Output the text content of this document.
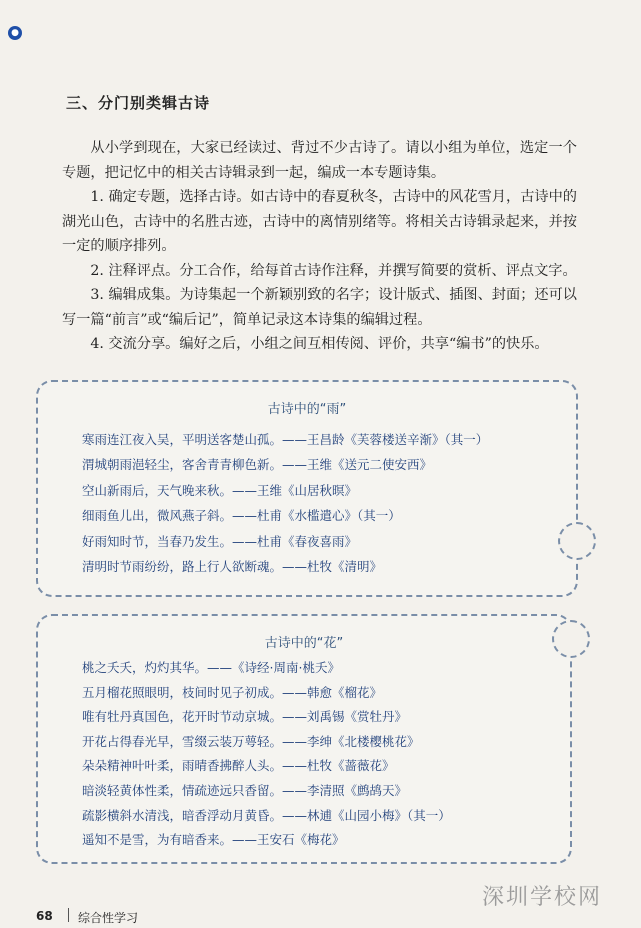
●
三、分门别类辑古诗

从小学到现在，大家已经读过、背过不少古诗了。请以小组为单位，选定一个专题，把记忆中的相关古诗辑录到一起，编成一本专题诗集。

1. 确定专题，选择古诗。如古诗中的春夏秋冬，古诗中的风花雪月，古诗中的湖光山色，古诗中的名胜古迹，古诗中的离情别绪等。将相关古诗辑录起来，并按一定的顺序排列。

2. 注释评点。分工合作，给每首古诗作注释，并撰写简要的赏析、评点文字。

3. 编辑成集。为诗集起一个新颖别致的名字；设计版式、插图、封面；还可以写一篇“前言”或“编后记”，简单记录这本诗集的编辑过程。

4. 交流分享。编好之后，小组之间互相传阅、评价，共享“编书”的快乐。

古诗中的“雨”
寒雨连江夜入吴，平明送客楚山孤。——王昌龄《芙蓉楼送辛渐》（其一）
渭城朝雨浥轻尘，客舍青青柳色新。——王维《送元二使安西》
空山新雨后，天气晚来秋。——王维《山居秋暝》
细雨鱼儿出，微风燕子斜。——杜甫《水槛遣心》（其一）
好雨知时节，当春乃发生。——杜甫《春夜喜雨》
清明时节雨纷纷，路上行人欲断魂。——杜牧《清明》
古诗中的“花”
桃之夭夭，灼灼其华。——《诗经·周南·桃夭》
五月榴花照眼明，枝间时见子初成。——韩愈《榴花》
唯有牡丹真国色，花开时节动京城。——刘禹锡《赏牡丹》
开花占得春光早，雪缀云装万萼轻。——李绅《北楼樱桃花》
朵朵精神叶叶柔，雨晴香拂醉人头。——杜牧《蔷薇花》
暗淡轻黄体性柔，情疏迹远只香留。——李清照《鹧鸪天》
疏影横斜水清浅，暗香浮动月黄昏。——林逋《山园小梅》（其一）
遥知不是雪，为有暗香来。——王安石《梅花》
68 综合性学习
深圳学校网
